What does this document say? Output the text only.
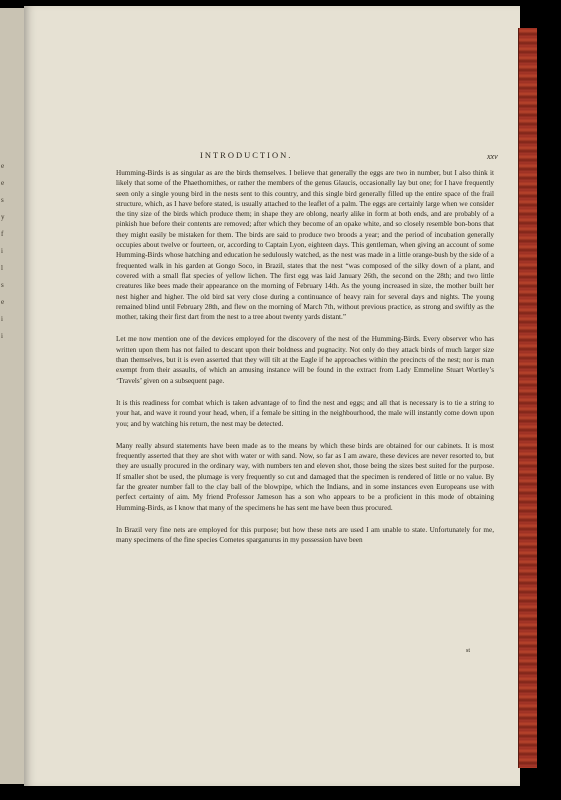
e
e
s
y
f
i
l
s
e
i
i
INTRODUCTION.	xxv

Humming-Birds is as singular as are the birds themselves. I believe that generally the eggs are two in number, but I also think it likely that some of the Phaethornithes, or rather the members of the genus Glaucis, occasionally lay but one; for I have frequently seen only a single young bird in the nests sent to this country, and this single bird generally filled up the entire space of the frail structure, which, as I have before stated, is usually attached to the leaflet of a palm. The eggs are certainly large when we consider the tiny size of the birds which produce them; in shape they are oblong, nearly alike in form at both ends, and are probably of a pinkish hue before their contents are removed; after which they become of an opake white, and so closely resemble bon-bons that they might easily be mistaken for them. The birds are said to produce two broods a year; and the period of incubation generally occupies about twelve or fourteen, or, according to Captain Lyon, eighteen days. This gentleman, when giving an account of some Humming-Birds whose hatching and education he sedulously watched, as the nest was made in a little orange-bush by the side of a frequented walk in his garden at Gongo Soco, in Brazil, states that the nest “was composed of the silky down of a plant, and covered with a small flat species of yellow lichen. The first egg was laid January 26th, the second on the 28th; and two little creatures like bees made their appearance on the morning of February 14th. As the young increased in size, the mother built her nest higher and higher. The old bird sat very close during a continuance of heavy rain for several days and nights. The young remained blind until February 28th, and flew on the morning of March 7th, without previous practice, as strong and swiftly as the mother, taking their first dart from the nest to a tree about twenty yards distant.”

Let me now mention one of the devices employed for the discovery of the nest of the Humming-Birds. Every observer who has written upon them has not failed to descant upon their boldness and pugnacity. Not only do they attack birds of much larger size than themselves, but it is even asserted that they will tilt at the Eagle if he approaches within the precincts of the nest; nor is man exempt from their assaults, of which an amusing instance will be found in the extract from Lady Emmeline Stuart Wortley’s ‘Travels’ given on a subsequent page.

It is this readiness for combat which is taken advantage of to find the nest and eggs; and all that is necessary is to tie a string to your hat, and wave it round your head, when, if a female be sitting in the neighbourhood, the male will instantly come down upon you; and by watching his return, the nest may be detected.

Many really absurd statements have been made as to the means by which these birds are obtained for our cabinets. It is most frequently asserted that they are shot with water or with sand. Now, so far as I am aware, these devices are never resorted to, but they are usually procured in the ordinary way, with numbers ten and eleven shot, those being the sizes best suited for the purpose. If smaller shot be used, the plumage is very frequently so cut and damaged that the specimen is rendered of little or no value. By far the greater number fall to the clay ball of the blowpipe, which the Indians, and in some instances even Europeans use with perfect certainty of aim. My friend Professor Jameson has a son who appears to be a proficient in this mode of obtaining Humming-Birds, as I know that many of the specimens he has sent me have been thus procured.

In Brazil very fine nets are employed for this purpose; but how these nets are used I am unable to state. Unfortunately for me, many specimens of the fine species Cometes sparganurus in my possession have been

st
